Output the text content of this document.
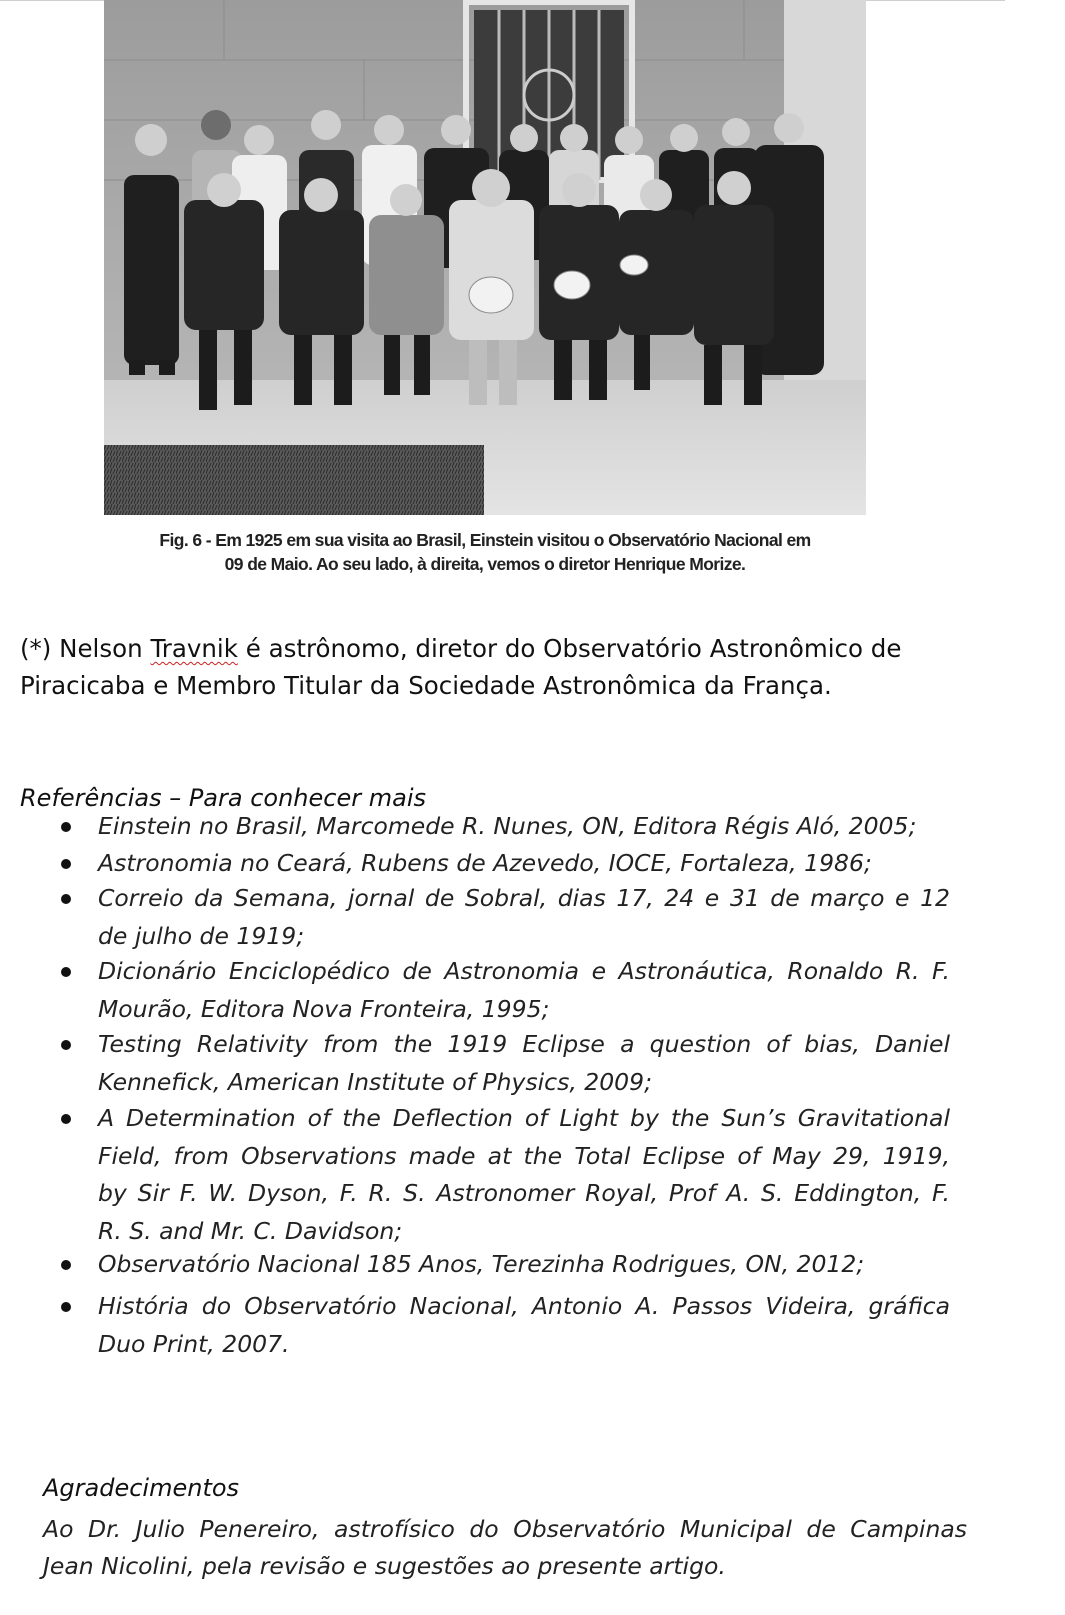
Fig. 6 - Em 1925 em sua visita ao Brasil, Einstein visitou o Observatório Nacional em
09 de Maio. Ao seu lado, à direita, vemos o diretor Henrique Morize.
(*) Nelson Travnik é astrônomo, diretor do Observatório Astronômico de
Piracicaba e Membro Titular da Sociedade Astronômica da França.
Referências – Para conhecer mais
Einstein no Brasil, Marcomede R. Nunes, ON, Editora Régis Aló, 2005;
Astronomia no Ceará, Rubens de Azevedo, IOCE, Fortaleza, 1986;
Correio da Semana, jornal de Sobral, dias 17, 24 e 31 de março e 12
de julho de 1919;
Dicionário Enciclopédico de Astronomia e Astronáutica, Ronaldo R. F.
Mourão, Editora Nova Fronteira, 1995;
Testing Relativity from the 1919 Eclipse a question of bias, Daniel
Kennefick, American Institute of Physics, 2009;
A Determination of the Deflection of Light by the Sun’s Gravitational
Field, from Observations made at the Total Eclipse of May 29, 1919,
by Sir F. W. Dyson, F. R. S. Astronomer Royal, Prof A. S. Eddington, F.
R. S. and Mr. C. Davidson;
Observatório Nacional 185 Anos, Terezinha Rodrigues, ON, 2012;
História do Observatório Nacional, Antonio A. Passos Videira, gráfica
Duo Print, 2007.
Agradecimentos
Ao Dr. Julio Penereiro, astrofísico do Observatório Municipal de Campinas
Jean Nicolini, pela revisão e sugestões ao presente artigo.
